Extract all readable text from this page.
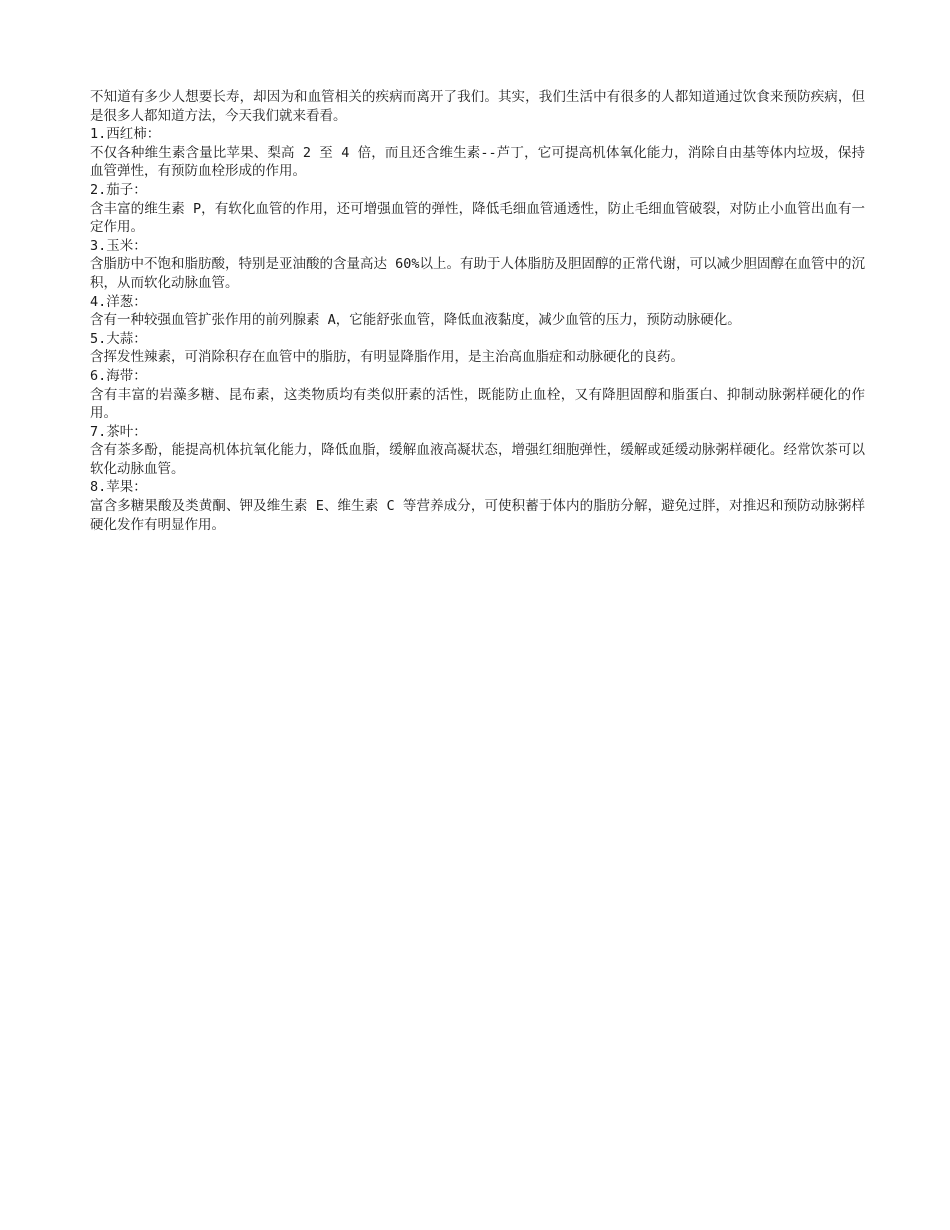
不知道有多少人想要长寿，却因为和血管相关的疾病而离开了我们。其实，我们生活中有很多的人都知道通过饮食来预防疾病，但是很多人都知道方法，今天我们就来看看。

1.西红柿：

不仅各种维生素含量比苹果、梨高 2 至 4 倍，而且还含维生素--芦丁，它可提高机体氧化能力，消除自由基等体内垃圾，保持血管弹性，有预防血栓形成的作用。

2.茄子：

含丰富的维生素 P，有软化血管的作用，还可增强血管的弹性，降低毛细血管通透性，防止毛细血管破裂，对防止小血管出血有一定作用。

3.玉米：

含脂肪中不饱和脂肪酸，特别是亚油酸的含量高达 60%以上。有助于人体脂肪及胆固醇的正常代谢，可以减少胆固醇在血管中的沉积，从而软化动脉血管。

4.洋葱：

含有一种较强血管扩张作用的前列腺素 A，它能舒张血管，降低血液黏度，减少血管的压力，预防动脉硬化。

5.大蒜：

含挥发性辣素，可消除积存在血管中的脂肪，有明显降脂作用，是主治高血脂症和动脉硬化的良药。

6.海带：

含有丰富的岩藻多糖、昆布素，这类物质均有类似肝素的活性，既能防止血栓，又有降胆固醇和脂蛋白、抑制动脉粥样硬化的作用。

7.茶叶：

含有茶多酚，能提高机体抗氧化能力，降低血脂，缓解血液高凝状态，增强红细胞弹性，缓解或延缓动脉粥样硬化。经常饮茶可以软化动脉血管。

8.苹果：

富含多糖果酸及类黄酮、钾及维生素 E、维生素 C 等营养成分，可使积蓄于体内的脂肪分解，避免过胖，对推迟和预防动脉粥样硬化发作有明显作用。
